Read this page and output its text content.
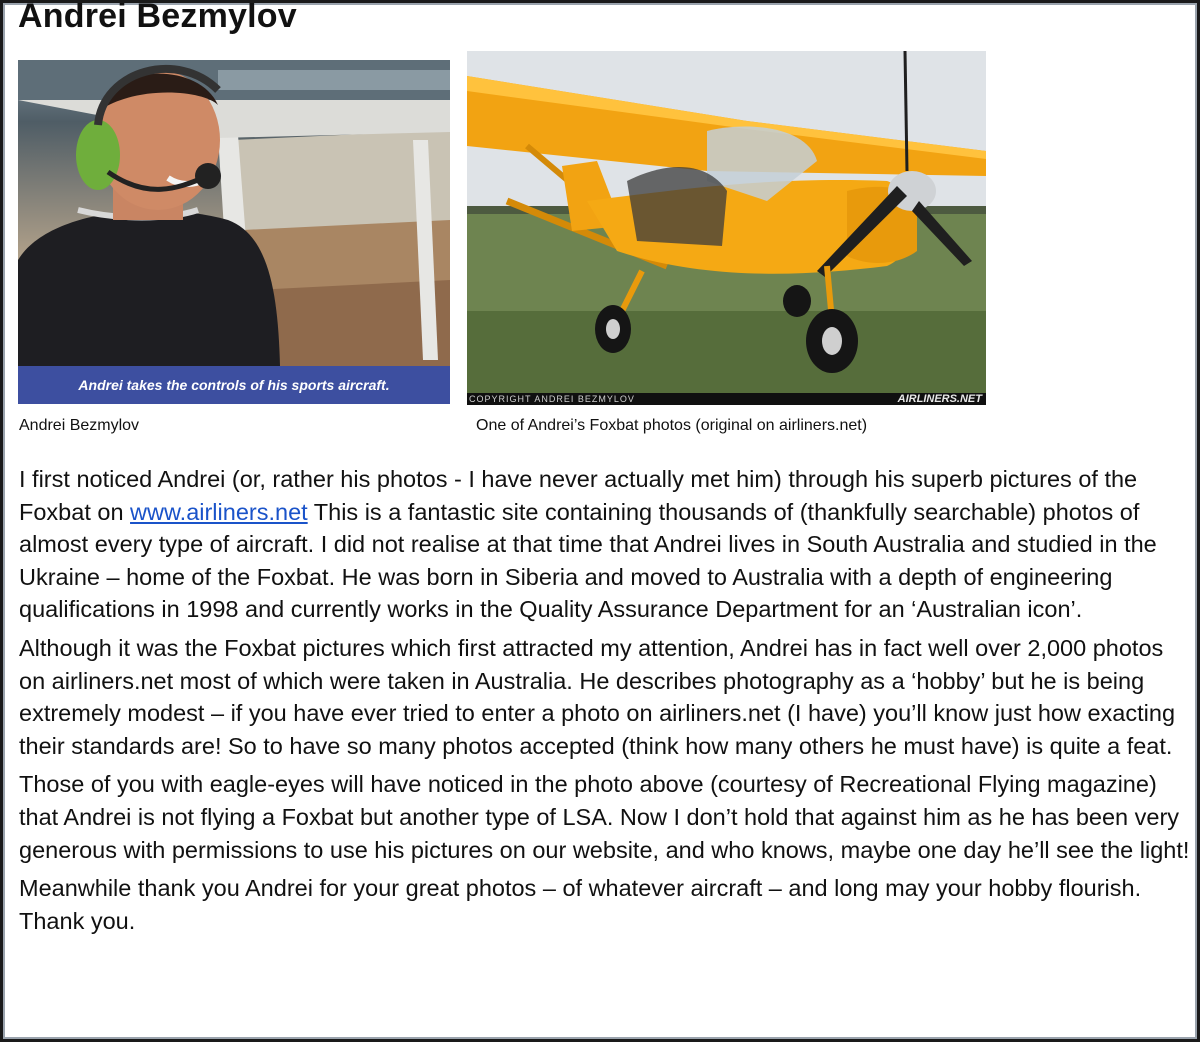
Andrei Bezmylov
Andrei takes the controls of his sports aircraft.
COPYRIGHT ANDREI BEZMYLOV	AIRLINERS.NET
Andrei Bezmylov	One of Andrei’s Foxbat photos (original on airliners.net)

I first noticed Andrei (or, rather his photos - I have never actually met him) through his superb pictures of the Foxbat on www.airliners.net This is a fantastic site containing thousands of (thankfully searchable) photos of almost every type of aircraft. I did not realise at that time that Andrei lives in South Australia and studied in the Ukraine – home of the Foxbat. He was born in Siberia and moved to Australia with a depth of engineering qualifications in 1998 and currently works in the Quality Assurance Department for an ‘Australian icon’.

Although it was the Foxbat pictures which first attracted my attention, Andrei has in fact well over 2,000 photos on airliners.net most of which were taken in Australia. He describes photography as a ‘hobby’ but he is being extremely modest – if you have ever tried to enter a photo on airliners.net (I have) you’ll know just how exacting their standards are! So to have so many photos accepted (think how many others he must have) is quite a feat.

Those of you with eagle-eyes will have noticed in the photo above (courtesy of Recreational Flying magazine) that Andrei is not flying a Foxbat but another type of LSA. Now I don’t hold that against him as he has been very generous with permissions to use his pictures on our website, and who knows, maybe one day he’ll see the light!

Meanwhile thank you Andrei for your great photos – of whatever aircraft – and long may your hobby flourish. Thank you.
